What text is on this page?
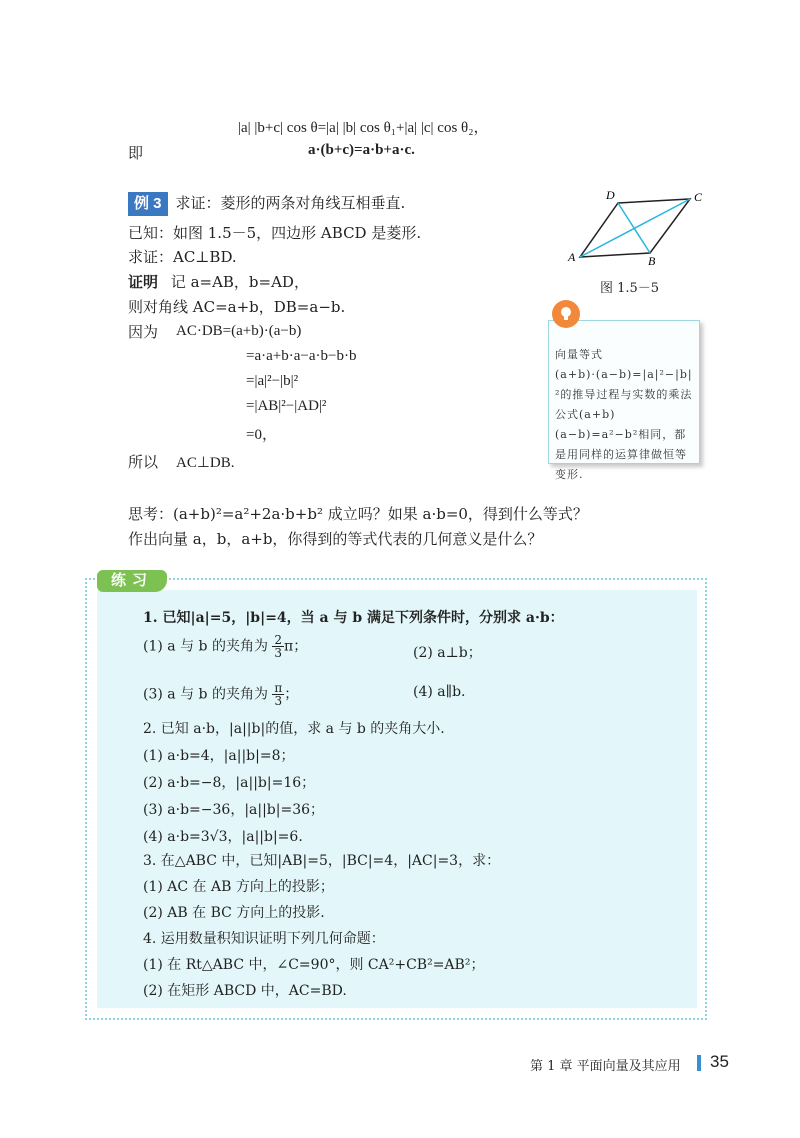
|a| |b+c| cos θ=|a| |b| cos θ₁+|a| |c| cos θ₂，
即	a·(b+c)=a·b+a·c.
例 3 求证：菱形的两条对角线互相垂直.
已知：如图 1.5－5，四边形 ABCD 是菱形.
求证：AC⊥BD.
证明 记 a=AB，b=AD，
则对角线 AC=a+b，DB=a−b.
因为 AC·DB=(a+b)·(a−b)
=a·a+b·a−a·b−b·b
=|a|²−|b|²
=|AB|²−|AD|²
=0，
所以 AC⊥DB.
A	B
C
D
图 1.5－5
向量等式(a+b)·(a−b)=|a|²−|b|²的推导过程与实数的乘法公式(a+b)(a−b)=a²−b²相同，都是用同样的运算律做恒等变形.
思考：(a+b)²=a²+2a·b+b² 成立吗？如果 a·b=0，得到什么等式？
作出向量 a，b，a+b，你得到的等式代表的几何意义是什么？
练习
1. 已知|a|=5，|b|=4，当 a 与 b 满足下列条件时，分别求 a·b：
(1) a 与 b 的夹角为 $\frac{2}{3}$ π；	(2) a⊥b；
(3) a 与 b 的夹角为 $\frac{\pi}{3}$ ；	(4) a∥b.
2. 已知 a·b，|a||b|的值，求 a 与 b 的夹角大小.
(1) a·b=4，|a||b|=8；
(2) a·b=−8，|a||b|=16；
(3) a·b=−36，|a||b|=36；
(4) a·b=3√3，|a||b|=6.
3. 在△ABC 中，已知|AB|=5，|BC|=4，|AC|=3，求：
(1) AC 在 AB 方向上的投影；
(2) AB 在 BC 方向上的投影.
4. 运用数量积知识证明下列几何命题：
(1) 在 Rt△ABC 中，∠C=90°，则 CA²+CB²=AB²；
(2) 在矩形 ABCD 中，AC=BD.
第 1 章 平面向量及其应用 35
